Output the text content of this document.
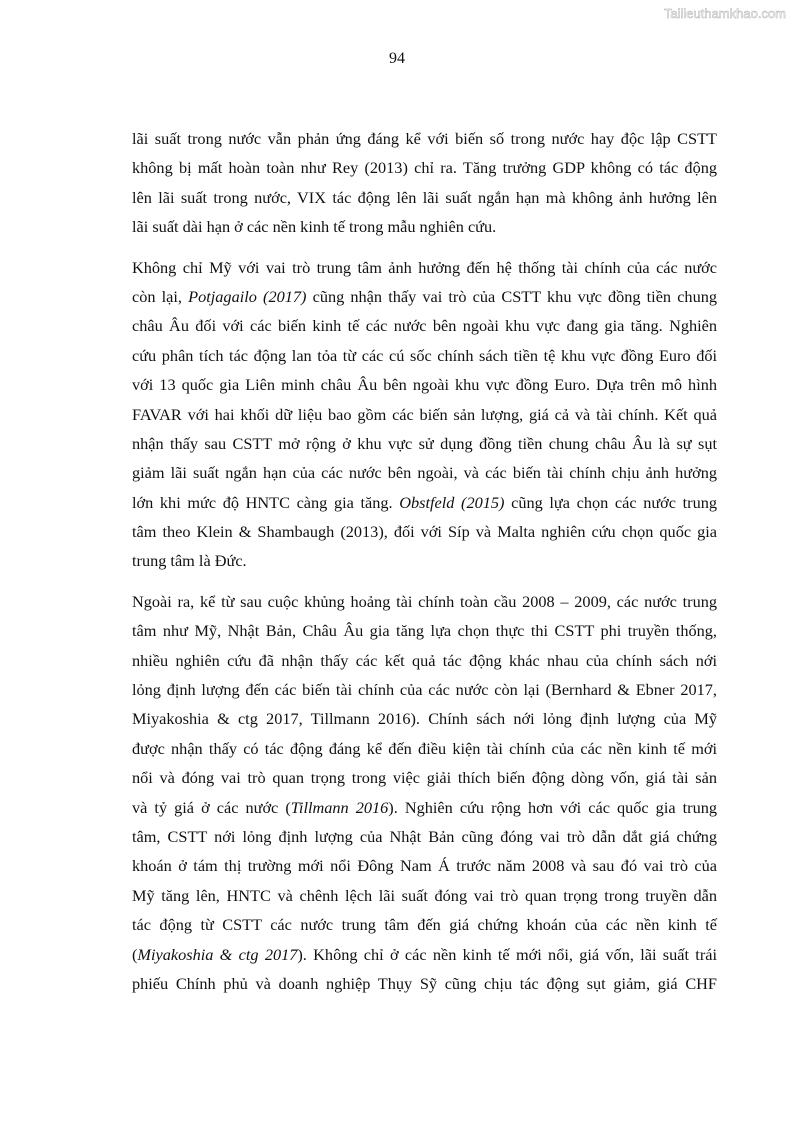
Tailieuthamkhao.com
94
lãi suất trong nước vẫn phản ứng đáng kể với biến số trong nước hay độc lập CSTT
không bị mất hoàn toàn như Rey (2013) chỉ ra. Tăng trưởng GDP không có tác động
lên lãi suất trong nước, VIX tác động lên lãi suất ngắn hạn mà không ảnh hưởng lên
lãi suất dài hạn ở các nền kinh tế trong mẫu nghiên cứu.
Không chỉ Mỹ với vai trò trung tâm ảnh hưởng đến hệ thống tài chính của các nước
còn lại, Potjagailo (2017) cũng nhận thấy vai trò của CSTT khu vực đồng tiền chung
châu Âu đối với các biến kinh tế các nước bên ngoài khu vực đang gia tăng. Nghiên
cứu phân tích tác động lan tỏa từ các cú sốc chính sách tiền tệ khu vực đồng Euro đối
với 13 quốc gia Liên minh châu Âu bên ngoài khu vực đồng Euro. Dựa trên mô hình
FAVAR với hai khối dữ liệu bao gồm các biến sản lượng, giá cả và tài chính. Kết quả
nhận thấy sau CSTT mở rộng ở khu vực sử dụng đồng tiền chung châu Âu là sự sụt
giảm lãi suất ngắn hạn của các nước bên ngoài, và các biến tài chính chịu ảnh hưởng
lớn khi mức độ HNTC càng gia tăng. Obstfeld (2015) cũng lựa chọn các nước trung
tâm theo Klein & Shambaugh (2013), đối với Síp và Malta nghiên cứu chọn quốc gia
trung tâm là Đức.
Ngoài ra, kể từ sau cuộc khủng hoảng tài chính toàn cầu 2008 – 2009, các nước trung
tâm như Mỹ, Nhật Bản, Châu Âu gia tăng lựa chọn thực thi CSTT phi truyền thống,
nhiều nghiên cứu đã nhận thấy các kết quả tác động khác nhau của chính sách nới
lỏng định lượng đến các biến tài chính của các nước còn lại (Bernhard & Ebner 2017,
Miyakoshia & ctg 2017, Tillmann 2016). Chính sách nới lỏng định lượng của Mỹ
được nhận thấy có tác động đáng kể đến điều kiện tài chính của các nền kinh tế mới
nổi và đóng vai trò quan trọng trong việc giải thích biến động dòng vốn, giá tài sản
và tỷ giá ở các nước (Tillmann 2016). Nghiên cứu rộng hơn với các quốc gia trung
tâm, CSTT nới lỏng định lượng của Nhật Bản cũng đóng vai trò dẫn dắt giá chứng
khoán ở tám thị trường mới nổi Đông Nam Á trước năm 2008 và sau đó vai trò của
Mỹ tăng lên, HNTC và chênh lệch lãi suất đóng vai trò quan trọng trong truyền dẫn
tác động từ CSTT các nước trung tâm đến giá chứng khoán của các nền kinh tế
(Miyakoshia & ctg 2017). Không chỉ ở các nền kinh tế mới nổi, giá vốn, lãi suất trái
phiếu Chính phủ và doanh nghiệp Thụy Sỹ cũng chịu tác động sụt giảm, giá CHF
